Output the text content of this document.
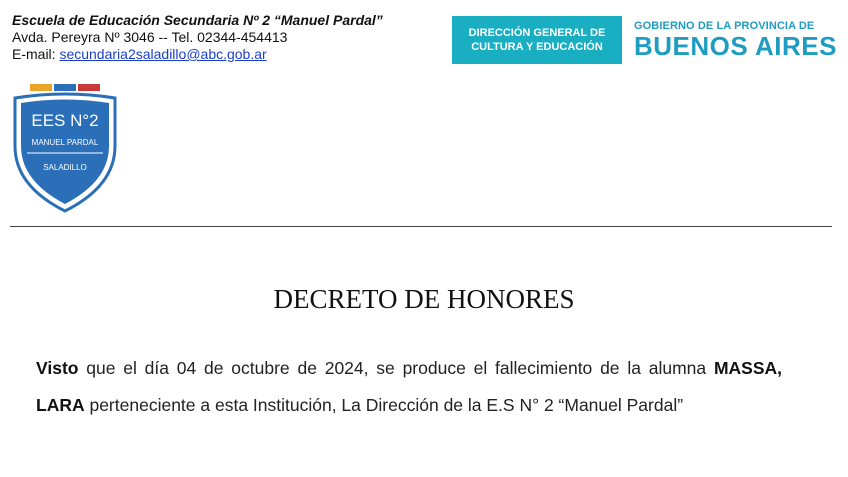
Escuela de Educación Secundaria Nº 2 “Manuel Pardal”
Avda. Pereyra Nº 3046 -- Tel. 02344-454413
E-mail: secundaria2saladillo@abc.gob.ar
DIRECCIÓN GENERAL DE
CULTURA Y EDUCACIÓN
GOBIERNO DE LA PROVINCIA DE
BUENOS AIRES
EES N°2
MANUEL PARDAL
SALADILLO
DECRETO DE HONORES
Visto que el día 04 de octubre de 2024, se produce el fallecimiento de la alumna MASSA, LARA perteneciente a esta Institución, La Dirección de la E.S N° 2 “Manuel Pardal”
